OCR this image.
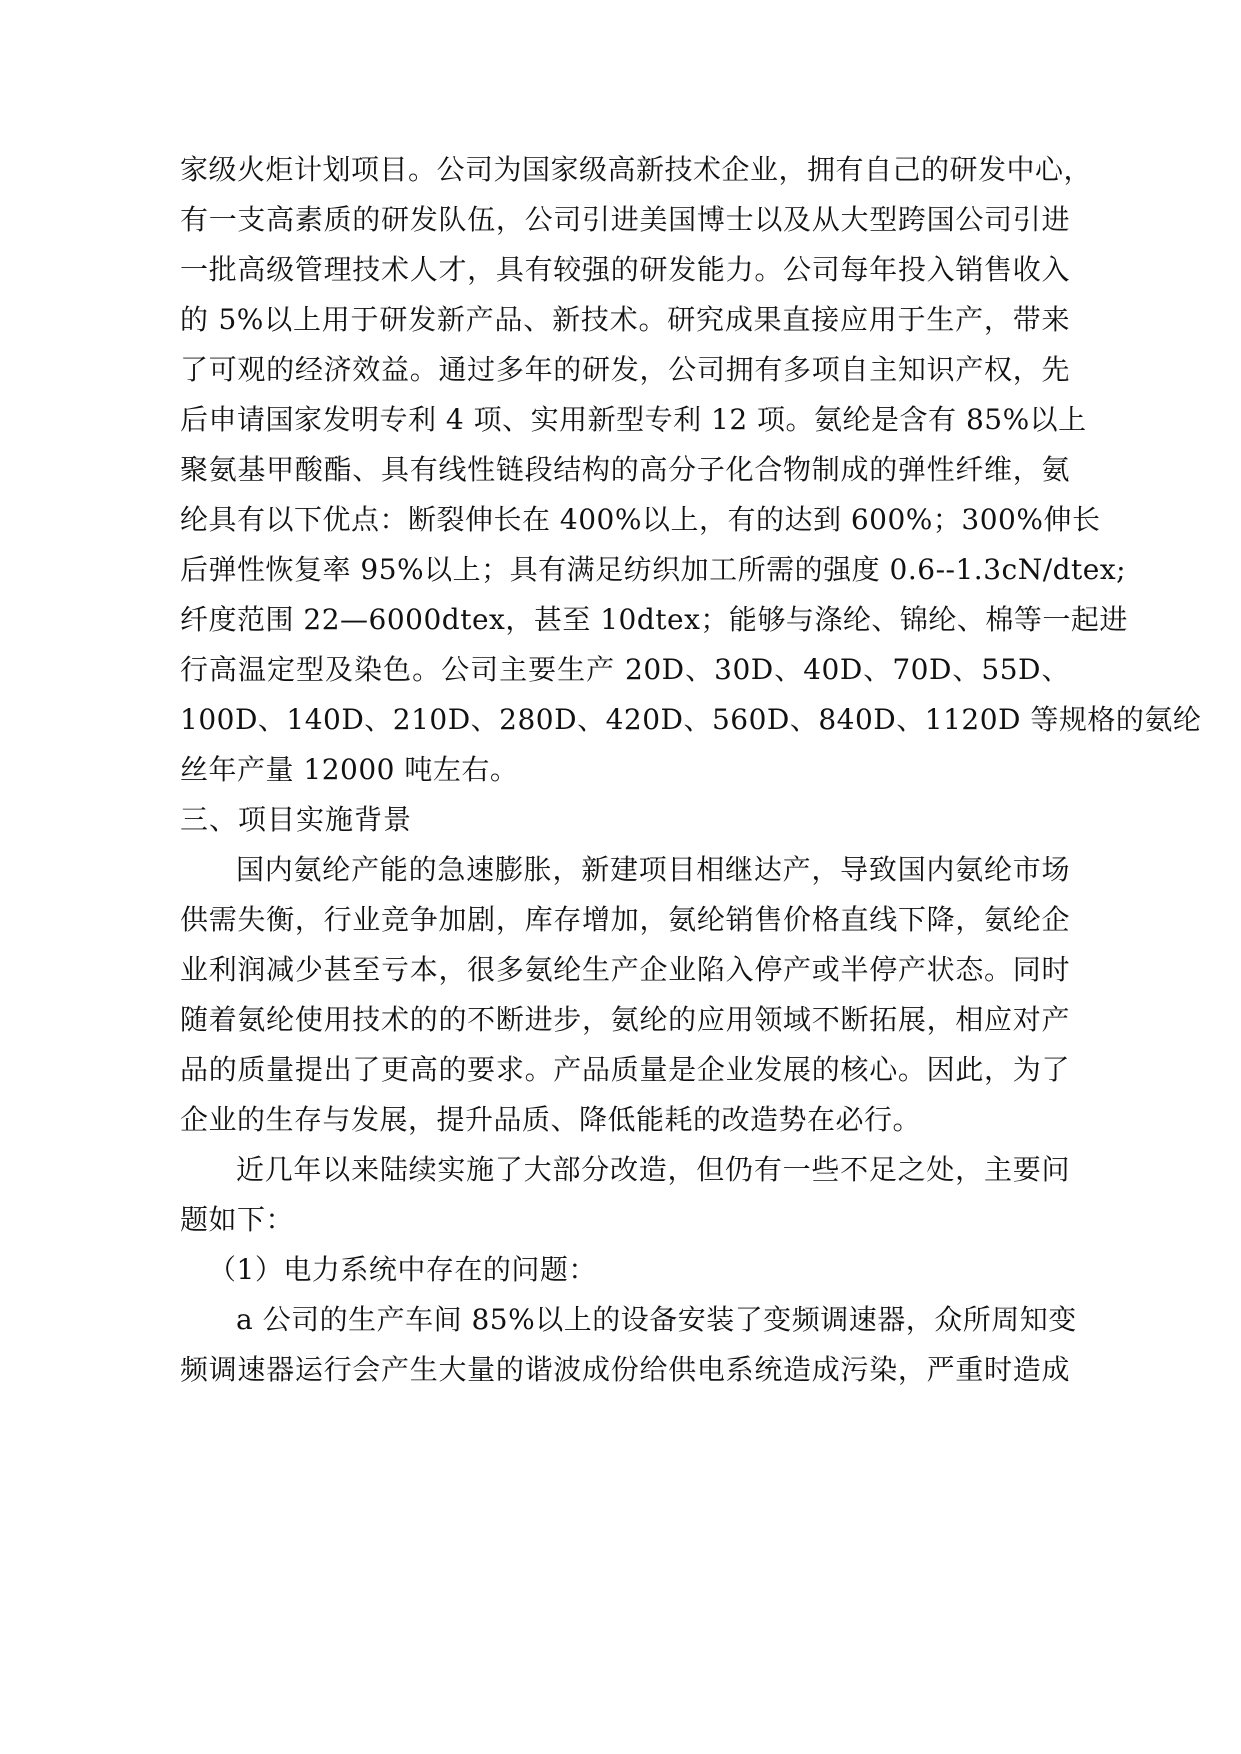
家级火炬计划项目。公司为国家级高新技术企业，拥有自己的研发中心，
有一支高素质的研发队伍，公司引进美国博士以及从大型跨国公司引进
一批高级管理技术人才，具有较强的研发能力。公司每年投入销售收入
的 5%以上用于研发新产品、新技术。研究成果直接应用于生产，带来
了可观的经济效益。通过多年的研发，公司拥有多项自主知识产权，先
后申请国家发明专利 4 项、实用新型专利 12 项。氨纶是含有 85%以上
聚氨基甲酸酯、具有线性链段结构的高分子化合物制成的弹性纤维，氨
纶具有以下优点：断裂伸长在 400%以上，有的达到 600%；300%伸长
后弹性恢复率 95%以上；具有满足纺织加工所需的强度 0.6--1.3cN/dtex;
纤度范围 22—6000dtex，甚至 10dtex；能够与涤纶、锦纶、棉等一起进
行高温定型及染色。公司主要生产 20D、30D、40D、70D、55D、
100D、140D、210D、280D、420D、560D、840D、1120D 等规格的氨纶
丝年产量 12000 吨左右。
三、项目实施背景
国内氨纶产能的急速膨胀，新建项目相继达产，导致国内氨纶市场
供需失衡，行业竞争加剧，库存增加，氨纶销售价格直线下降，氨纶企
业利润减少甚至亏本，很多氨纶生产企业陷入停产或半停产状态。同时
随着氨纶使用技术的的不断进步，氨纶的应用领域不断拓展，相应对产
品的质量提出了更高的要求。产品质量是企业发展的核心。因此，为了
企业的生存与发展，提升品质、降低能耗的改造势在必行。
近几年以来陆续实施了大部分改造，但仍有一些不足之处，主要问
题如下：
（1）电力系统中存在的问题：
a 公司的生产车间 85%以上的设备安装了变频调速器，众所周知变
频调速器运行会产生大量的谐波成份给供电系统造成污染，严重时造成
